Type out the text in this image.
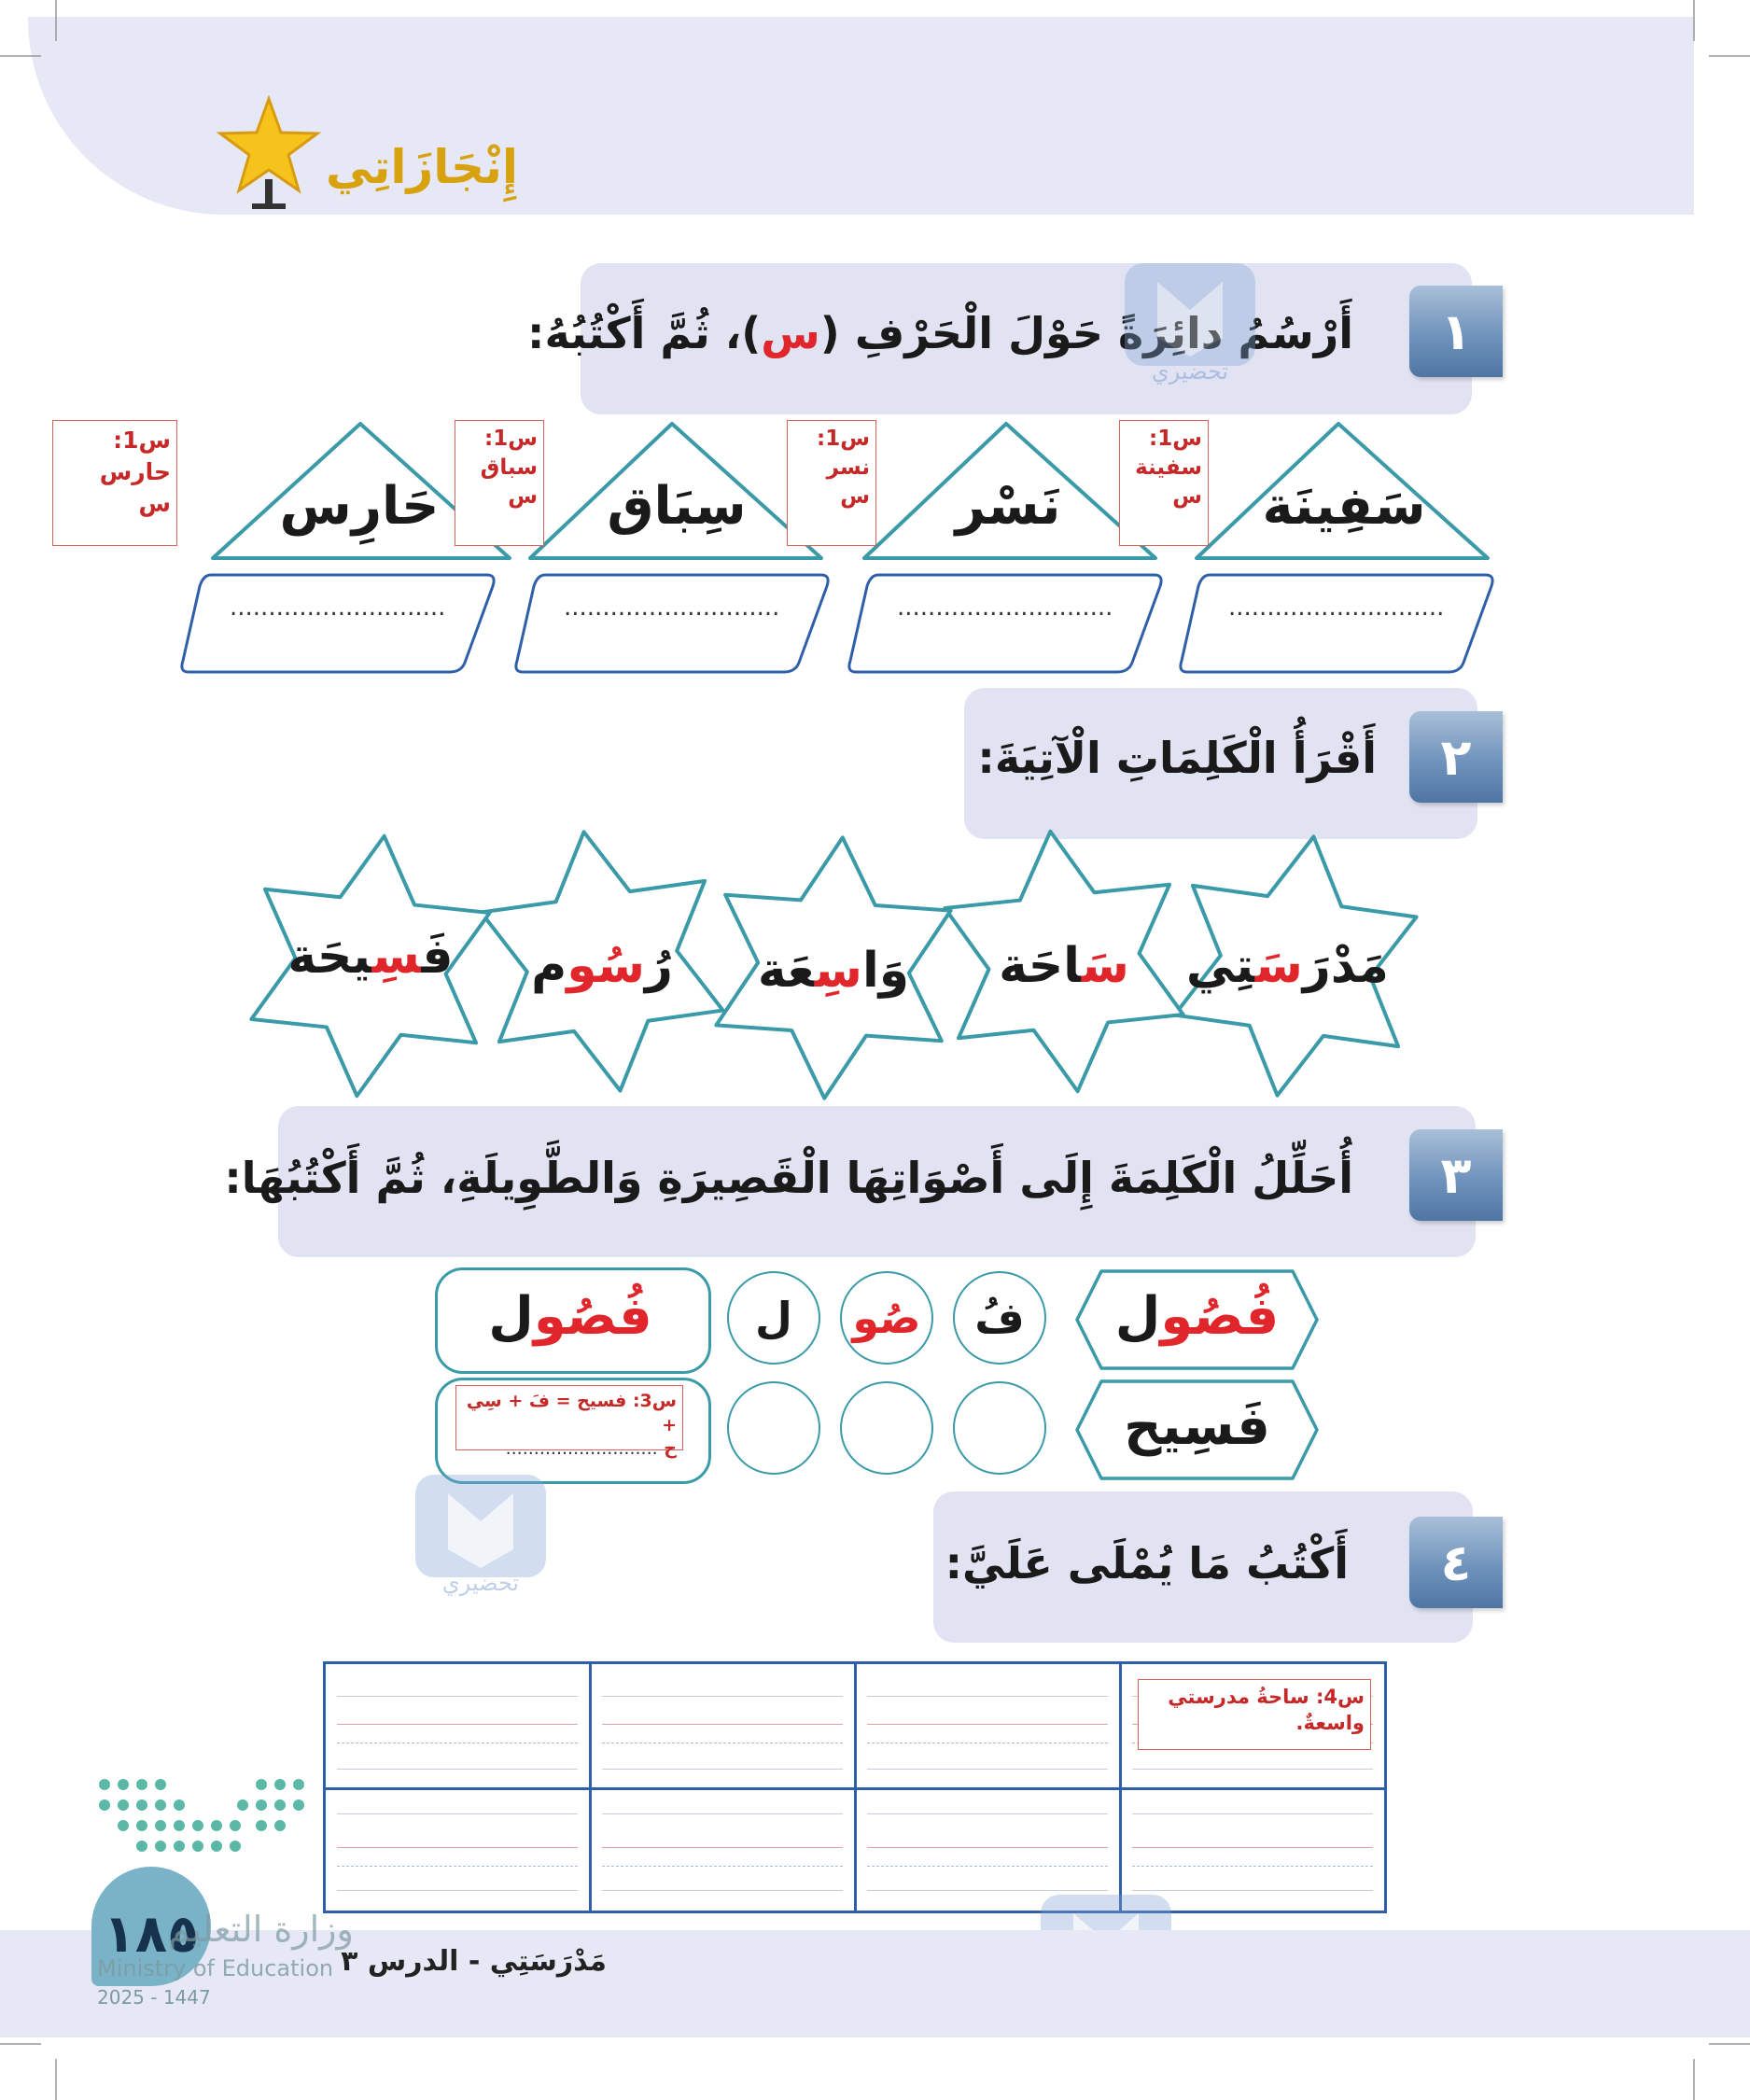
إِنْجَازَاتِي
١
أَرْسُمُ دائِرَةً حَوْلَ الْحَرْفِ (س)، ثُمَّ أَكْتُبُهُ:
سَفِينَة
نَسْر
سِبَاق
حَارِس
س1:
سفينة
س
س1:
نسر
س
س1:
سباق
س
س1: حارس
س
............................
............................
............................
............................
٢
أَقْرَأُ الْكَلِمَاتِ الْآتِيَةَ:
مَدْرَسَتِي
سَاحَة
وَاسِعَة
رُسُوم
فَسِيحَة
٣
أُحَلِّلُ الْكَلِمَةَ إِلَى أَصْوَاتِهَا الْقَصِيرَةِ وَالطَّوِيلَةِ، ثُمَّ أَكْتُبُهَا:
فُصُول
فُ
صُو
ل
فُصُول
فَسِيح
س3: فسيح = فَ + سِي +
ح ...........................
٤
أَكْتُبُ مَا يُمْلَى عَلَيَّ:
س4: ساحةُ مدرستي
واسعةٌ.
تحضيري
تحضيري
١٨٥
وزارة التعليم
Ministry of Education
2025 - 1447
مَدْرَسَتِي - الدرس ٣
